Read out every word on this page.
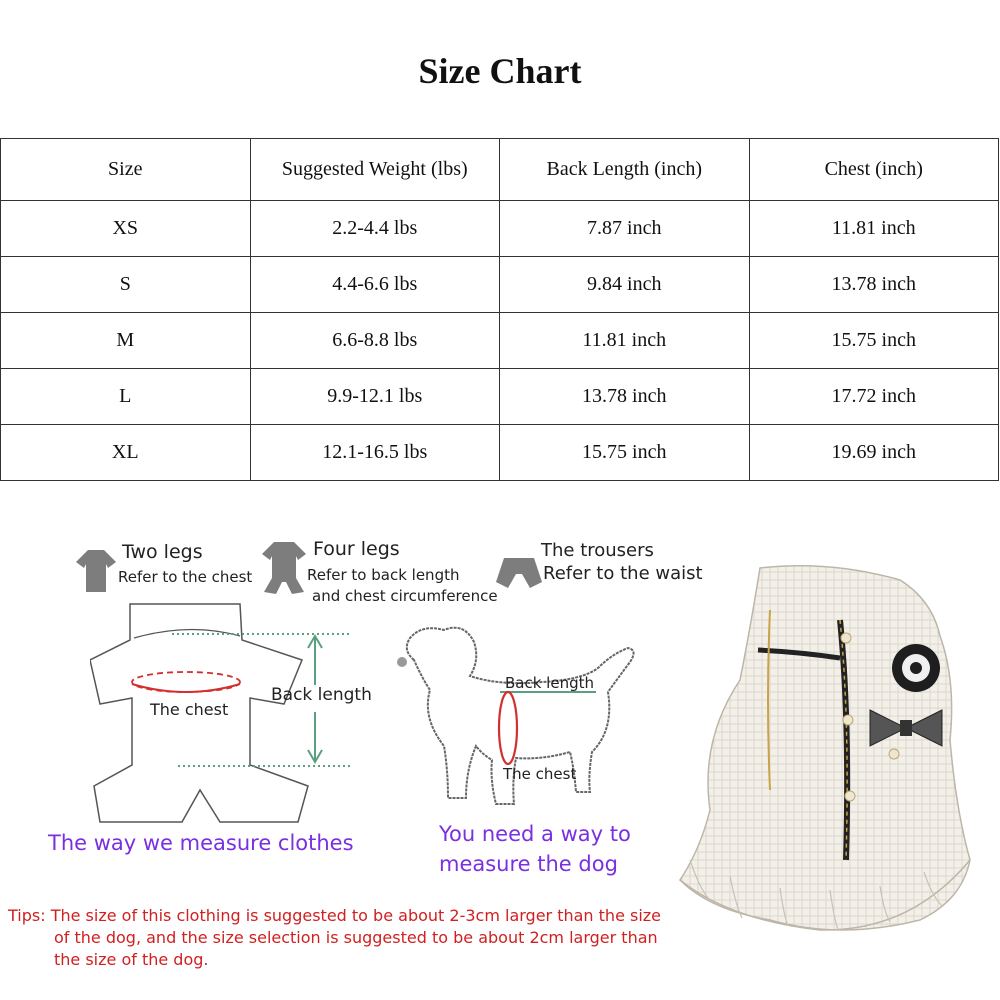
Size Chart
Size	Suggested Weight (lbs)	Back Length (inch)	Chest (inch)
XS	2.2-4.4 lbs	7.87 inch	11.81 inch
S	4.4-6.6 lbs	9.84 inch	13.78 inch
M	6.6-8.8 lbs	11.81 inch	15.75 inch
L	9.9-12.1 lbs	13.78 inch	17.72 inch
XL	12.1-16.5 lbs	15.75 inch	19.69 inch
Two legs
Refer to the chest
Four legs
Refer to back length
and chest circumference
The trousers
Refer to the waist
The chest
Back length
Back length
The chest
The way we measure clothes	You need a way to
measure the dog
Tips: The size of this clothing is suggested to be about 2-3cm larger than the size
of the dog, and the size selection is suggested to be about 2cm larger than
the size of the dog.
